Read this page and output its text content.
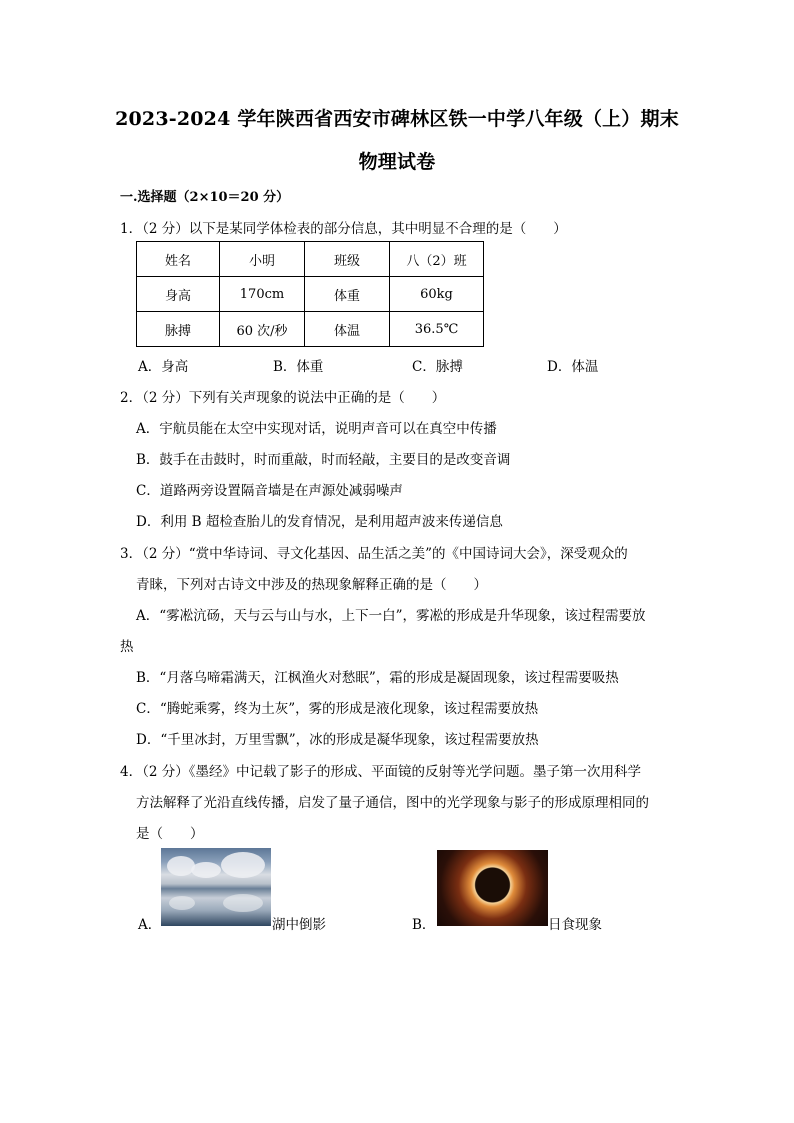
2023-2024 学年陕西省西安市碑林区铁一中学八年级（上）期末
物理试卷
一.选择题（2×10＝20 分）
1．（2 分）以下是某同学体检表的部分信息，其中明显不合理的是（　　）
姓名	小明	班级	八（2）班
身高	170cm	体重	60kg
脉搏	60 次/秒	体温	36.5℃
A．身高	B．体重	C．脉搏	D．体温
2．（2 分）下列有关声现象的说法中正确的是（　　）
A．宇航员能在太空中实现对话，说明声音可以在真空中传播
B．鼓手在击鼓时，时而重敲，时而轻敲，主要目的是改变音调
C．道路两旁设置隔音墙是在声源处减弱噪声
D．利用 B 超检查胎儿的发育情况，是利用超声波来传递信息
3．（2 分）“赏中华诗词、寻文化基因、品生活之美”的《中国诗词大会》，深受观众的
青睐，下列对古诗文中涉及的热现象解释正确的是（　　）
A．“雾凇沆砀，天与云与山与水，上下一白”，雾凇的形成是升华现象，该过程需要放
热
B．“月落乌啼霜满天，江枫渔火对愁眠”，霜的形成是凝固现象，该过程需要吸热
C．“腾蛇乘雾，终为土灰”，雾的形成是液化现象，该过程需要放热
D．“千里冰封，万里雪飘”，冰的形成是凝华现象，该过程需要放热
4．（2 分）《墨经》中记载了影子的形成、平面镜的反射等光学问题。墨子第一次用科学
方法解释了光沿直线传播，启发了量子通信，图中的光学现象与影子的形成原理相同的
是（　　）
A．	湖中倒影	B．	日食现象
